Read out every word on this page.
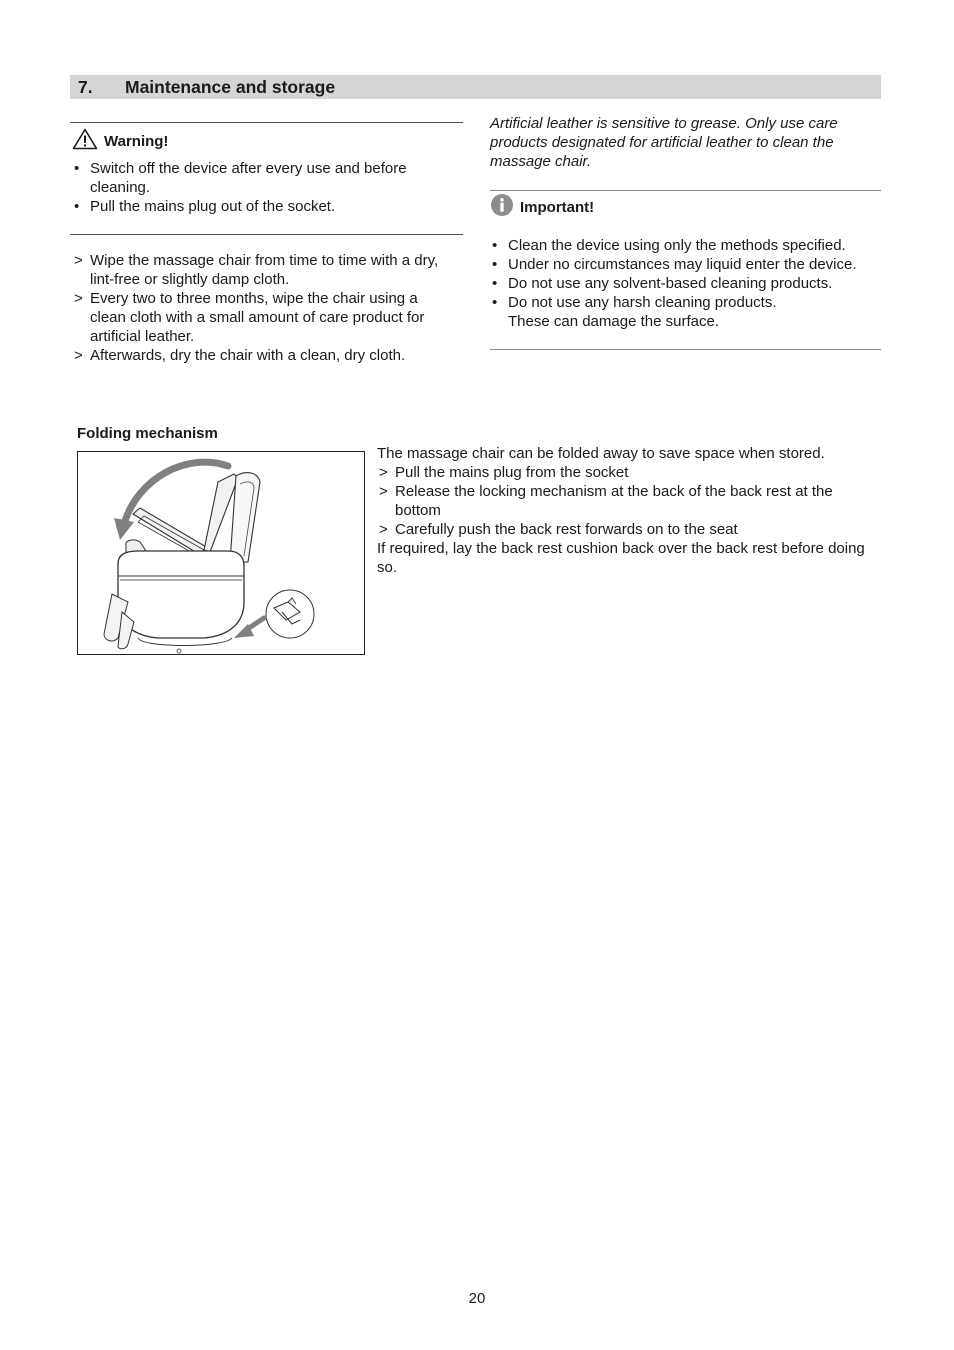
7. Maintenance and storage
Warning!
• Switch off the device after every use and before cleaning.
• Pull the mains plug out of the socket.
> Wipe the massage chair from time to time with a dry, lint-free or slightly damp cloth.
> Every two to three months, wipe the chair using a clean cloth with a small amount of care product for artificial leather.
> Afterwards, dry the chair with a clean, dry cloth.
Artificial leather is sensitive to grease. Only use care products designated for artificial leather to clean the massage chair.
Important!
• Clean the device using only the methods specified.
• Under no circumstances may liquid enter the device.
• Do not use any solvent-based cleaning products.
• Do not use any harsh cleaning products.
These can damage the surface.
Folding mechanism
The massage chair can be folded away to save space when stored.
> Pull the mains plug from the socket
> Release the locking mechanism at the back of the back rest at the bottom
> Carefully push the back rest forwards on to the seat
If required, lay the back rest cushion back over the back rest before doing so.
20
